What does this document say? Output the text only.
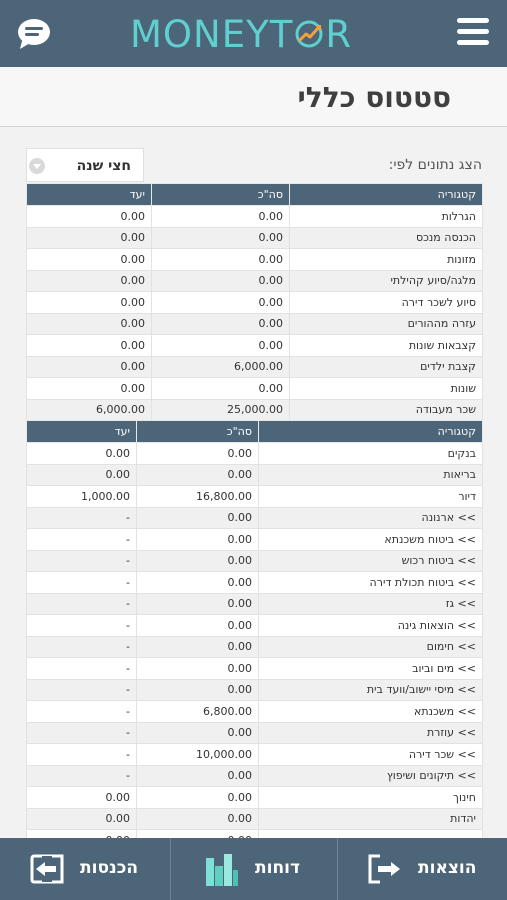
MONEYT R
סטטוס כללי
הצג נתונים לפי:
חצי שנה
יעד	סה"כ	קטגוריה
0.00	0.00	הגרלות
0.00	0.00	הכנסה מנכס
0.00	0.00	מזונות
0.00	0.00	מלגה/סיוע קהילתי
0.00	0.00	סיוע לשכר דירה
0.00	0.00	עזרה מההורים
0.00	0.00	קצבאות שונות
0.00	6,000.00	קצבת ילדים
0.00	0.00	שונות
6,000.00	25,000.00	שכר מעבודה
יעד	סה"כ	קטגוריה
0.00	0.00	בנקים
0.00	0.00	בריאות
1,000.00	16,800.00	דיור
-	0.00	>> ארנונה
-	0.00	>> ביטוח משכנתא
-	0.00	>> ביטוח רכוש
-	0.00	>> ביטוח תכולת דירה
-	0.00	>> גז
-	0.00	>> הוצאות גינה
-	0.00	>> חימום
-	0.00	>> מים וביוב
-	0.00	>> מיסי יישוב/וועד בית
-	6,800.00	>> משכנתא
-	0.00	>> עוזרת
-	10,000.00	>> שכר דירה
-	0.00	>> תיקונים ושיפוץ
0.00	0.00	חינוך
0.00	0.00	יהדות

הכנסות	דוחות	הוצאות
